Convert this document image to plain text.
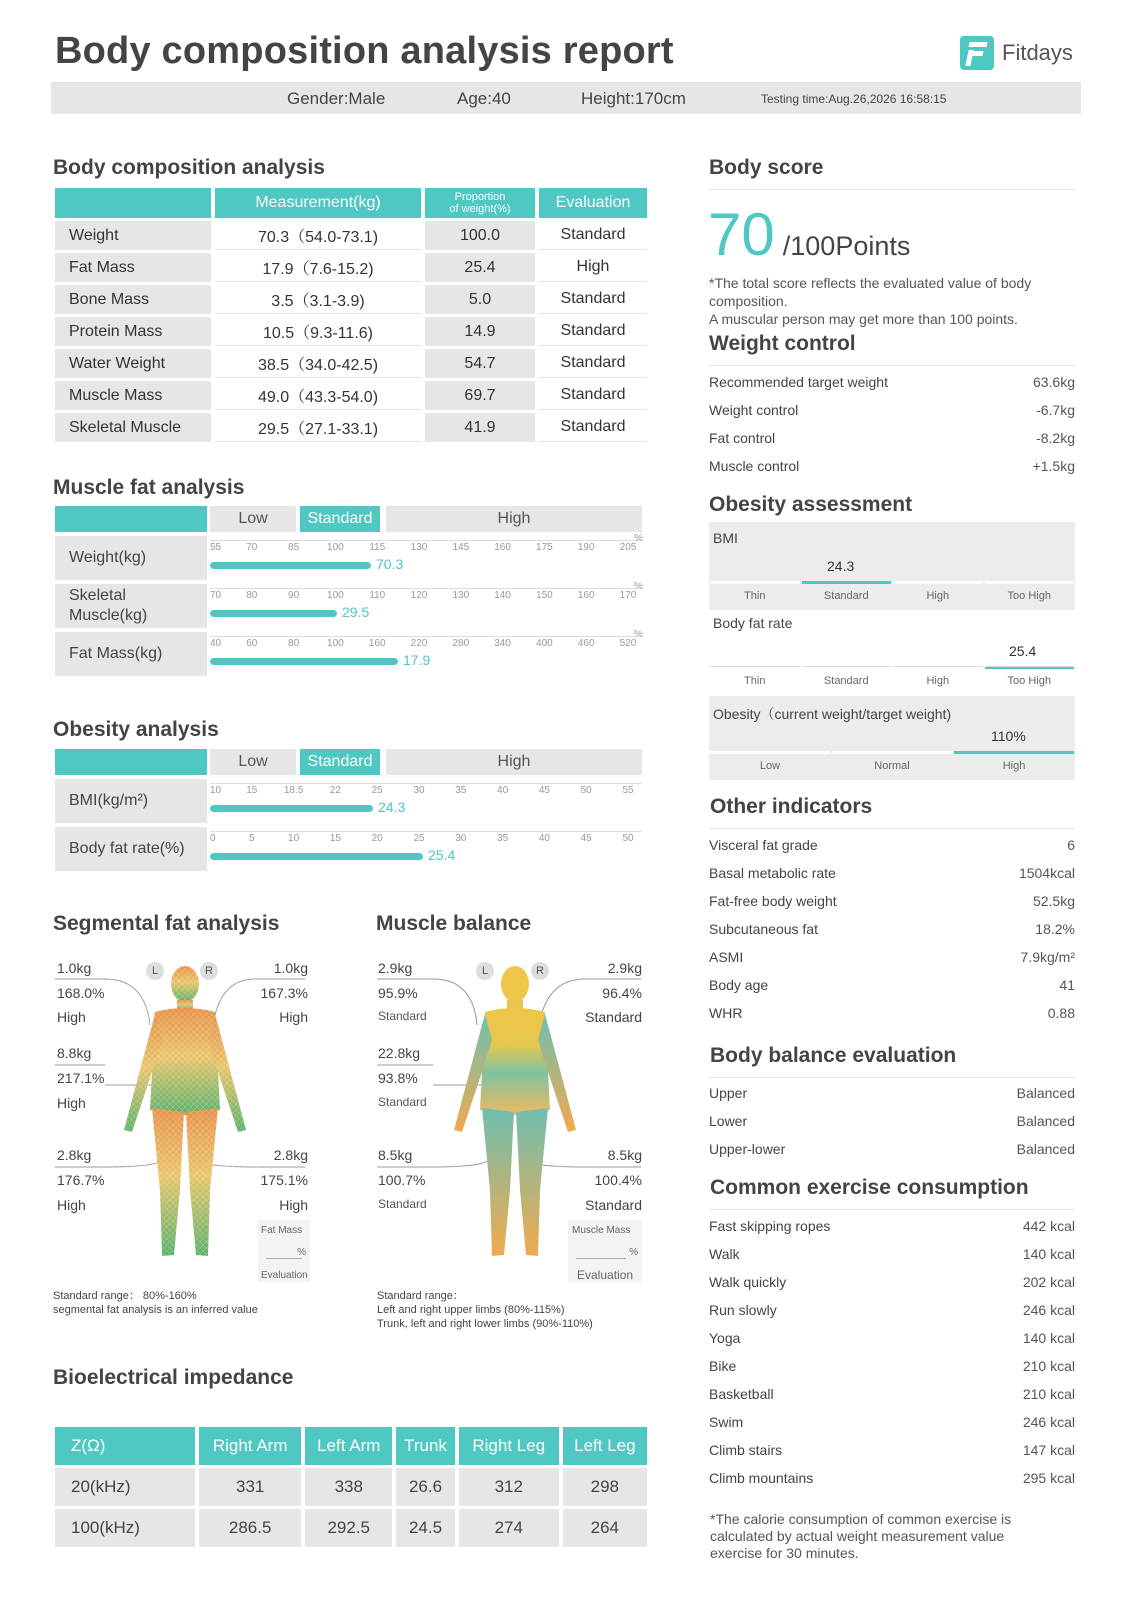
Body composition analysis report	Fitdays
Gender:Male	Age:40	Height:170cm	Testing time:Aug.26,2026 16:58:15
Body composition analysis
	Measurement(kg)	Proportion
of weight(%)	Evaluation
Weight	70.3（54.0-73.1)	100.0	Standard
Fat Mass	17.9（7.6-15.2)	25.4	High
Bone Mass	3.5（3.1-3.9)	5.0	Standard
Protein Mass	10.5（9.3-11.6)	14.9	Standard
Water Weight	38.5（34.0-42.5)	54.7	Standard
Muscle Mass	49.0（43.3-54.0)	69.7	Standard
Skeletal Muscle	29.5（27.1-33.1)	41.9	Standard
Muscle fat analysis
Low	Standard	High
Weight(kg)
%
55	70	85	100	115	130	145	160	175	190	205
70.3
Skeletal
Muscle(kg)
%
70	80	90	100	110	120	130	140	150	160	170
29.5
Fat Mass(kg)
%
40	60	80	100	160	220	280	340	400	460	520
17.9
Obesity analysis
Low	Standard	High
BMI(kg/m²)
10	15	18.5	22	25	30	35	40	45	50	55
24.3
Body fat rate(%)
0	5	10	15	20	25	30	35	40	45	50
25.4
Segmental fat analysis
L	R
1.0kg
168.0%
High
1.0kg
167.3%
High
8.8kg
217.1%
High
2.8kg
176.7%
High
2.8kg
175.1%
High
Fat Mass
%
Evaluation
Standard range： 80%-160%
segmental fat analysis is an inferred value
Muscle balance
L	R
2.9kg
95.9%
Standard
2.9kg
96.4%
Standard
22.8kg
93.8%
Standard
8.5kg
100.7%
Standard
8.5kg
100.4%
Standard
Muscle Mass
%
Evaluation
Standard range：
Left and right upper limbs (80%-115%)
Trunk, left and right lower limbs (90%-110%)
Bioelectrical impedance
Z(Ω)	Right Arm	Left Arm	Trunk	Right Leg	Left Leg
20(kHz)	331	338	26.6	312	298
100(kHz)	286.5	292.5	24.5	274	264
Body score
70 /100 Points
*The total score reflects the evaluated value of body composition.
A muscular person may get more than 100 points.
Weight control
Recommended target weight	63.6kg
Weight control	-6.7kg
Fat control	-8.2kg
Muscle control	+1.5kg
Obesity assessment
BMI
24.3
Thin	Standard	High	Too High
Body fat rate
25.4
Thin	Standard	High	Too High
Obesity（current weight/target weight)
110%
Low	Normal	High
Other indicators
Visceral fat grade	6
Basal metabolic rate	1504kcal
Fat-free body weight	52.5kg
Subcutaneous fat	18.2%
ASMI	7.9kg/m²
Body age	41
WHR	0.88
Body balance evaluation
Upper	Balanced
Lower	Balanced
Upper-lower	Balanced
Common exercise consumption
Fast skipping ropes	442 kcal
Walk	140 kcal
Walk quickly	202 kcal
Run slowly	246 kcal
Yoga	140 kcal
Bike	210 kcal
Basketball	210 kcal
Swim	246 kcal
Climb stairs	147 kcal
Climb mountains	295 kcal
*The calorie consumption of common exercise is
calculated by actual weight measurement value
exercise for 30 minutes.
